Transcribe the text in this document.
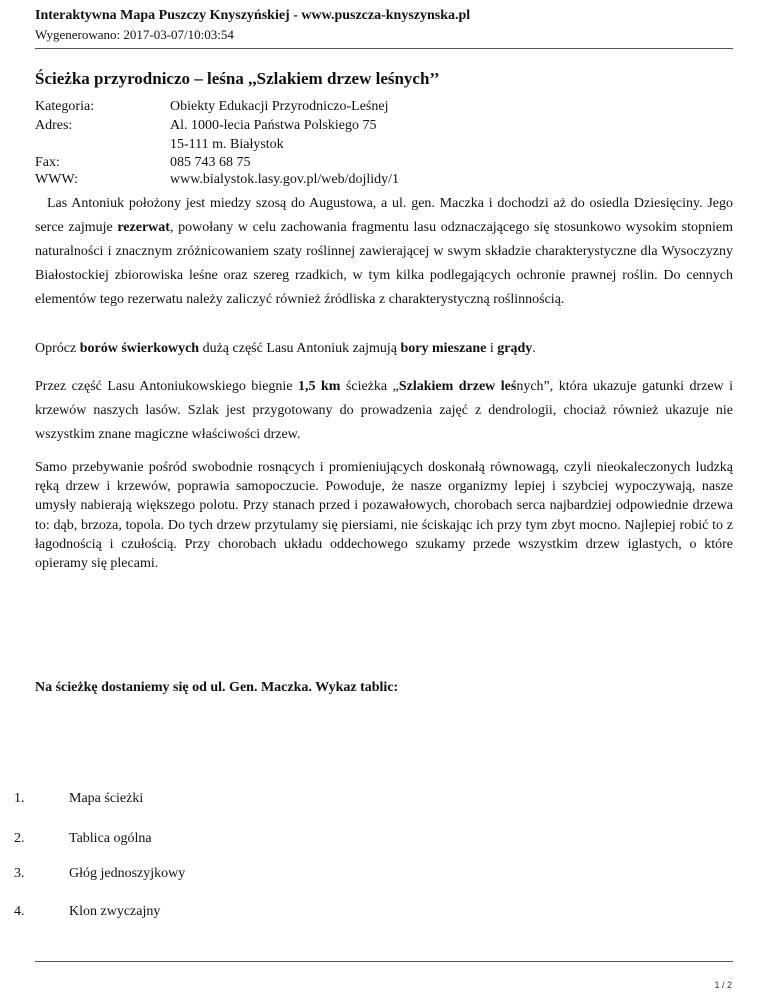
Interaktywna Mapa Puszczy Knyszyńskiej - www.puszcza-knyszynska.pl
Wygenerowano: 2017-03-07/10:03:54
Ścieżka przyrodniczo – leśna ,,Szlakiem drzew leśnych’’
Kategoria:	Obiekty Edukacji Przyrodniczo-Leśnej
Adres:	Al. 1000-lecia Państwa Polskiego 75
15-111 m. Białystok
Fax:	085 743 68 75
WWW:	www.bialystok.lasy.gov.pl/web/dojlidy/1

Las Antoniuk położony jest miedzy szosą do Augustowa, a ul. gen. Maczka i dochodzi aż do osiedla Dziesięciny. Jego serce zajmuje rezerwat, powołany w celu zachowania fragmentu lasu odznaczającego się stosunkowo wysokim stopniem naturalności i znacznym zróżnicowaniem szaty roślinnej zawierającej w swym składzie charakterystyczne dla Wysoczyzny Białostockiej zbiorowiska leśne oraz szereg rzadkich, w tym kilka podlegających ochronie prawnej roślin. Do cennych elementów tego rezerwatu należy zaliczyć również źródliska z charakterystyczną roślinnością.

Oprócz borów świerkowych dużą część Lasu Antoniuk zajmują bory mieszane i grądy.

Przez część Lasu Antoniukowskiego biegnie 1,5 km ścieżka „Szlakiem drzew leśnych”, która ukazuje gatunki drzew i krzewów naszych lasów. Szlak jest przygotowany do prowadzenia zajęć z dendrologii, chociaż również ukazuje nie wszystkim znane magiczne właściwości drzew.

Samo przebywanie pośród swobodnie rosnących i promieniujących doskonałą równowagą, czyli nieokaleczonych ludzką ręką drzew i krzewów, poprawia samopoczucie. Powoduje, że nasze organizmy lepiej i szybciej wypoczywają, nasze umysły nabierają większego polotu. Przy stanach przed i pozawałowych, chorobach serca najbardziej odpowiednie drzewa to: dąb, brzoza, topola. Do tych drzew przytulamy się piersiami, nie ściskając ich przy tym zbyt mocno. Najlepiej robić to z łagodnością i czułością. Przy chorobach układu oddechowego szukamy przede wszystkim drzew iglastych, o które opieramy się plecami.

Na ścieżkę dostaniemy się od ul. Gen. Maczka. Wykaz tablic:

1.	Mapa ścieżki
2.	Tablica ogólna
3.	Głóg jednoszyjkowy
4.	Klon zwyczajny
1 / 2
